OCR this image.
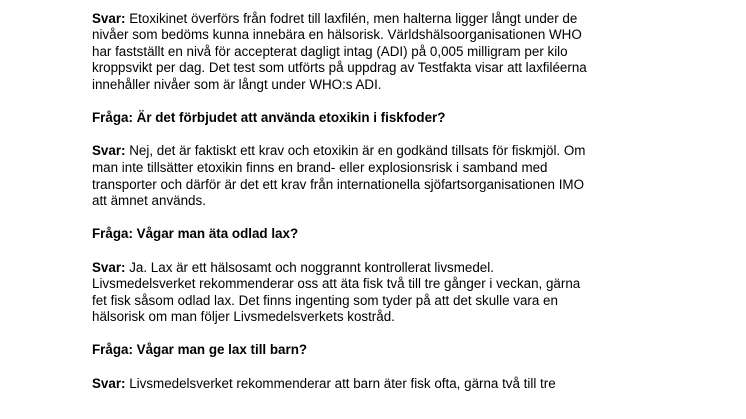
Svar: Etoxikinet överförs från fodret till laxfilén, men halterna ligger långt under de
nivåer som bedöms kunna innebära en hälsorisk. Världshälsoorganisationen WHO
har fastställt en nivå för accepterat dagligt intag (ADI) på 0,005 milligram per kilo
kroppsvikt per dag. Det test som utförts på uppdrag av Testfakta visar att laxfiléerna
innehåller nivåer som är långt under WHO:s ADI.
Fråga: Är det förbjudet att använda etoxikin i fiskfoder?
Svar: Nej, det är faktiskt ett krav och etoxikin är en godkänd tillsats för fiskmjöl. Om
man inte tillsätter etoxikin finns en brand- eller explosionsrisk i samband med
transporter och därför är det ett krav från internationella sjöfartsorganisationen IMO
att ämnet används.
Fråga: Vågar man äta odlad lax?
Svar: Ja. Lax är ett hälsosamt och noggrannt kontrollerat livsmedel.
Livsmedelsverket rekommenderar oss att äta fisk två till tre gånger i veckan, gärna
fet fisk såsom odlad lax. Det finns ingenting som tyder på att det skulle vara en
hälsorisk om man följer Livsmedelsverkets kostråd.
Fråga: Vågar man ge lax till barn?
Svar: Livsmedelsverket rekommenderar att barn äter fisk ofta, gärna två till tre
